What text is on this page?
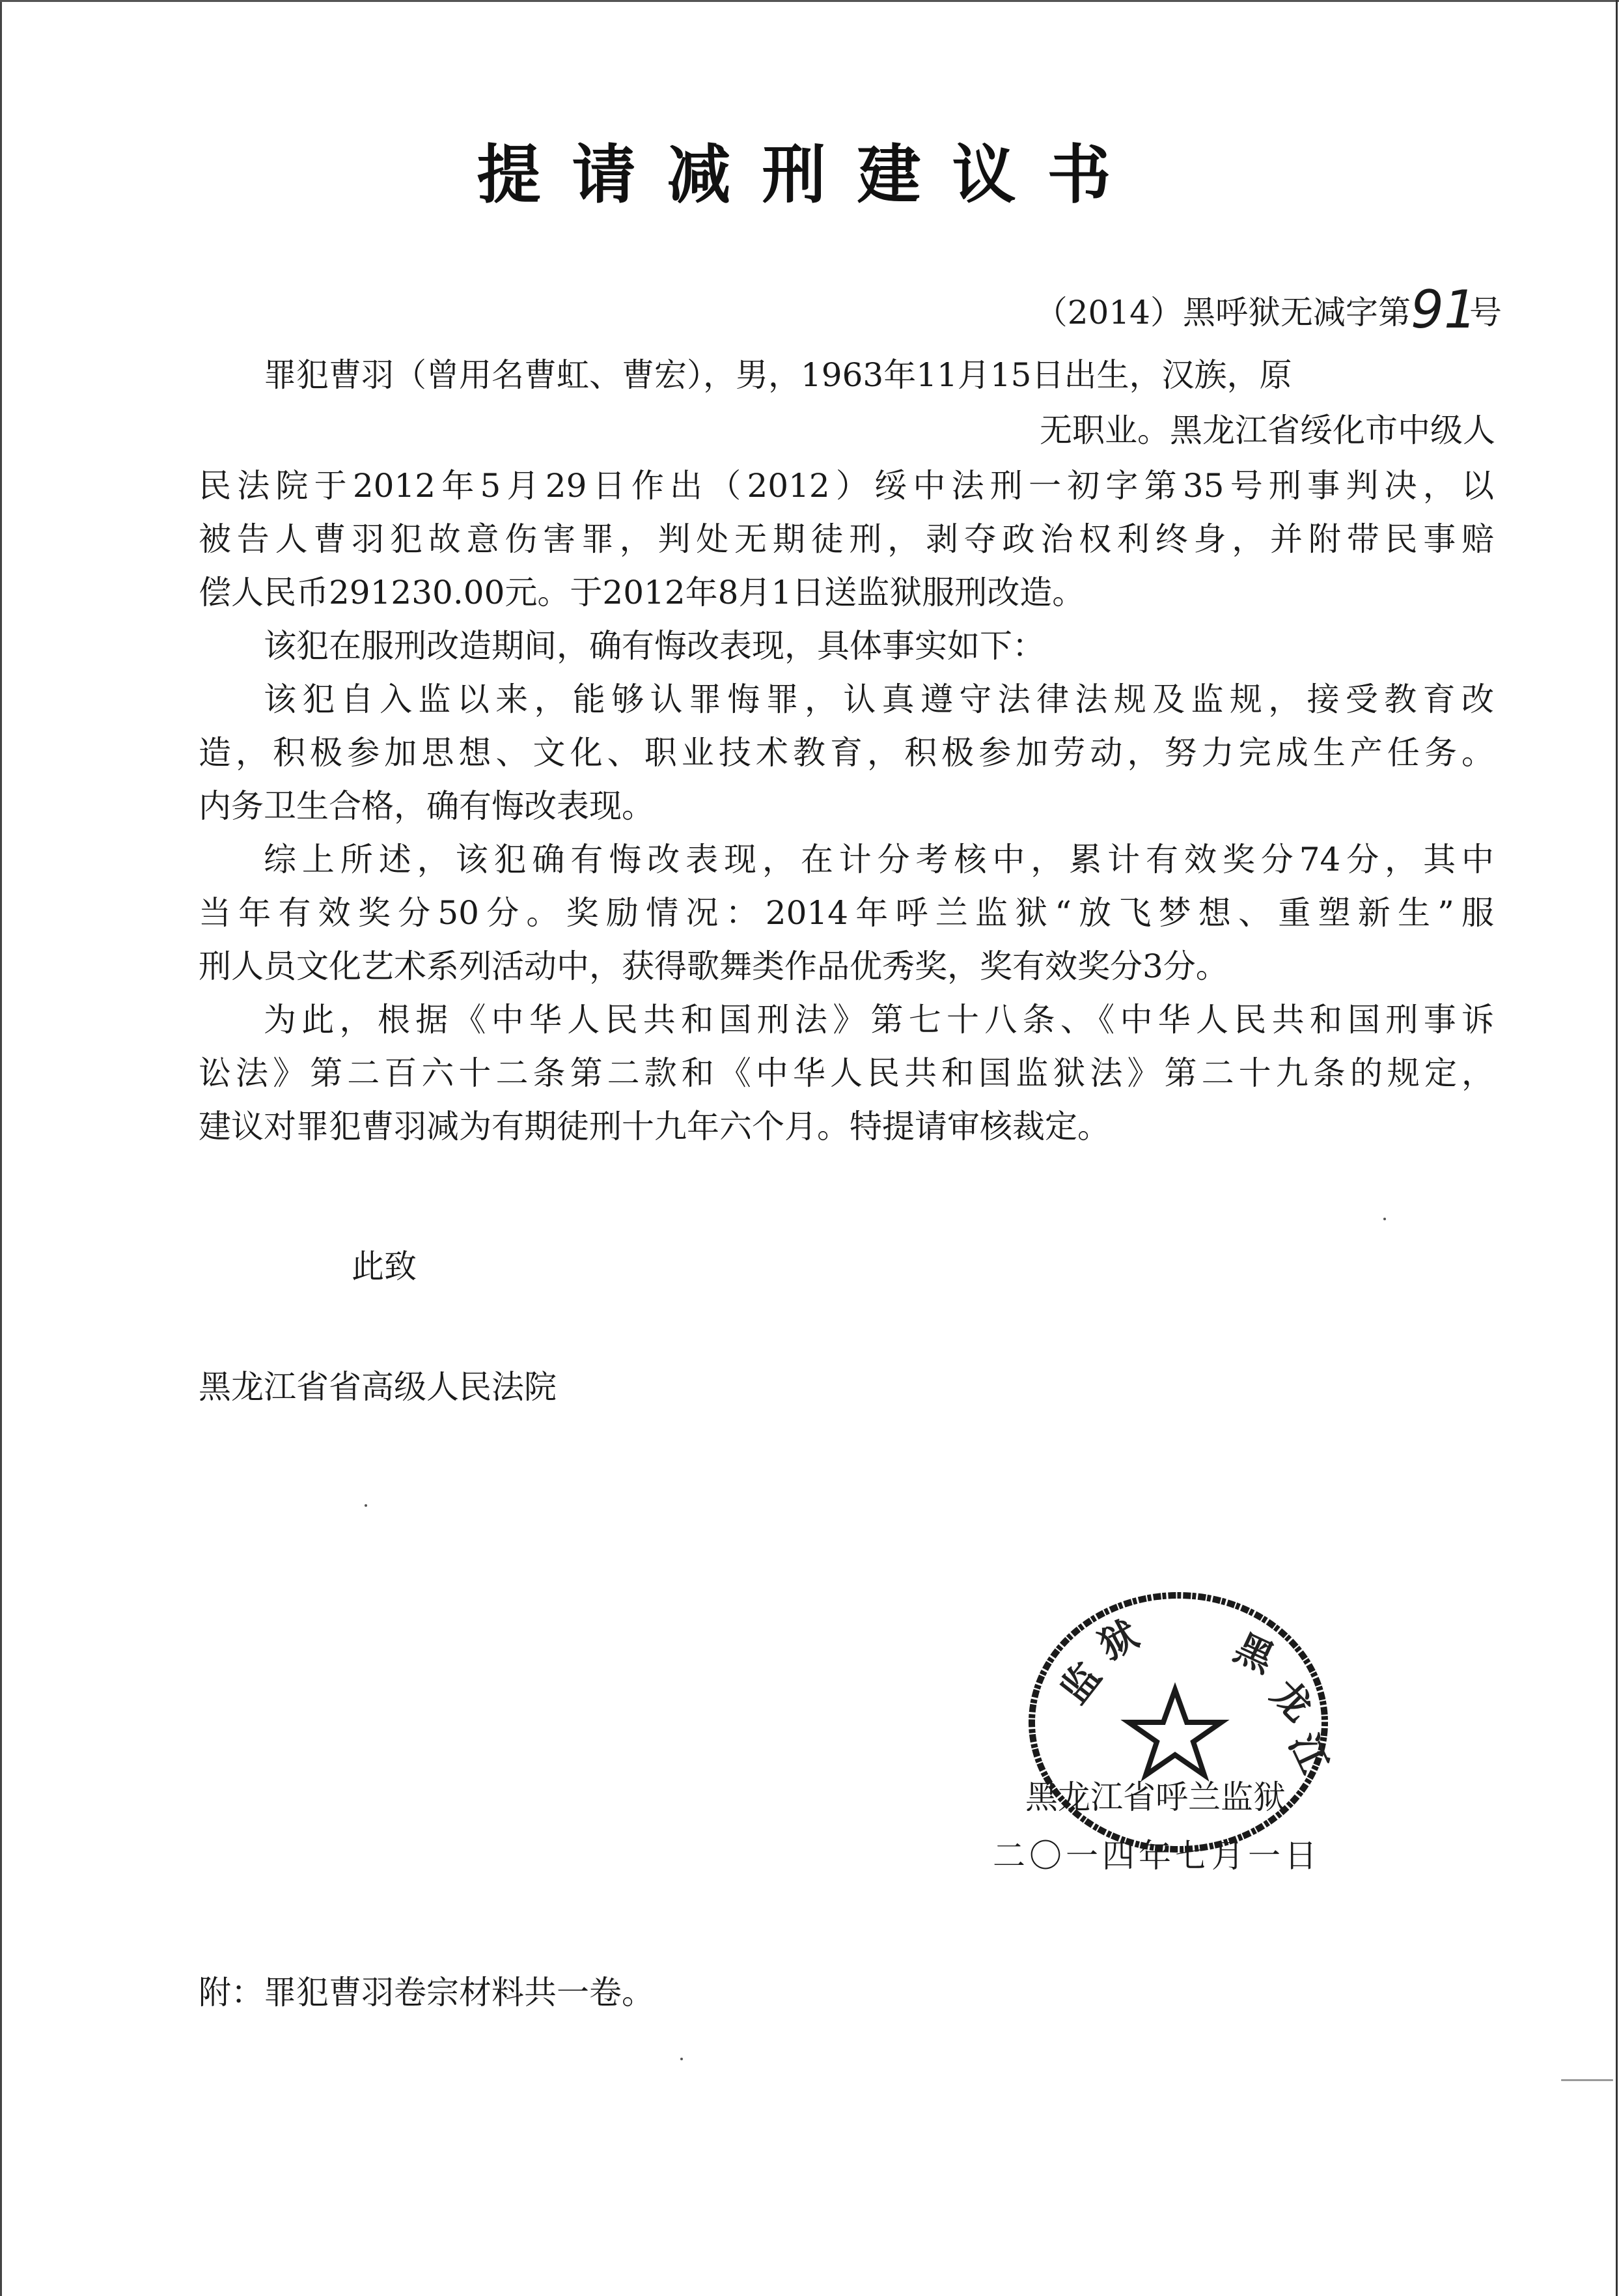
提请减刑建议书
（2014）黑呼狱无减字第91号
罪犯曹羽（曾用名曹虹、曹宏），男，1963年11月15日出生，汉族，原
无职业。黑龙江省绥化市中级人
民法院于2012年5月29日作出（2012）绥中法刑一初字第35号刑事判决，以
被告人曹羽犯故意伤害罪，判处无期徒刑，剥夺政治权利终身，并附带民事赔
偿人民币291230.00元。于2012年8月1日送监狱服刑改造。
该犯在服刑改造期间，确有悔改表现，具体事实如下：
该犯自入监以来，能够认罪悔罪，认真遵守法律法规及监规，接受教育改
造，积极参加思想、文化、职业技术教育，积极参加劳动，努力完成生产任务。
内务卫生合格，确有悔改表现。
综上所述，该犯确有悔改表现，在计分考核中，累计有效奖分74分，其中
当年有效奖分50分。奖励情况：2014年呼兰监狱“放飞梦想、重塑新生”服
刑人员文化艺术系列活动中，获得歌舞类作品优秀奖，奖有效奖分3分。
为此，根据《中华人民共和国刑法》第七十八条、《中华人民共和国刑事诉
讼法》第二百六十二条第二款和《中华人民共和国监狱法》第二十九条的规定，
建议对罪犯曹羽减为有期徒刑十九年六个月。特提请审核裁定。
此致
黑龙江省省高级人民法院
监
狱 黑
龙
江
黑龙江省呼兰监狱
二〇一四年七月一日
附：罪犯曹羽卷宗材料共一卷。
